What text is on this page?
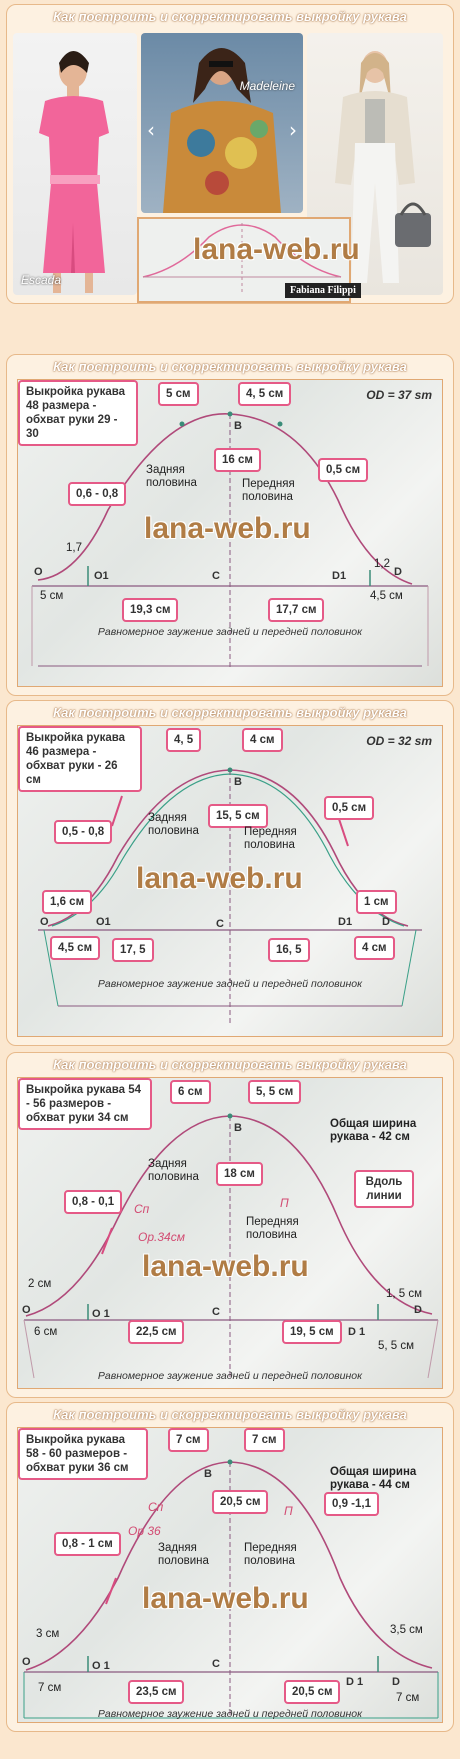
Как построить и скорректировать выкройку рукава
Escada
‹	›
Madeleine
lana-web.ru
Fabiana Filippi
Как построить и скорректировать выкройку рукава
Выкройка рукава 48 размера - обхват руки 29 - 30
OD = 37 sm
5 см	4, 5 см
B
16 см
0,6 - 0,8
0,5 см
Задняя половина	Передняя половина
lana-web.ru
1,7
1,2
O	O1	C	D1	D
5 см	4,5 см
19,3 см	17,7 см
Равномерное заужение задней и передней половинок
Как построить и скорректировать выкройку рукава
Выкройка рукава 46 размера - обхват руки - 26 см
OD = 32 sm
4, 5	4 см
B
15, 5 см
0,5 - 0,8
0,5 см
Задняя половина	Передняя половина
lana-web.ru
1,6 см	1 см
O	O1	C	D1	D
4,5 см	4 см
17, 5	16, 5
Равномерное заужение задней и передней половинок
Как построить и скорректировать выкройку рукава
Выкройка рукава 54 - 56 размеров - обхват руки 34 см	Общая ширина рукава - 42 см
Вдоль линии
6 см	5, 5 см
B
18 см
0,8 - 0,1
Задняя половина
Передняя половина
Сп	П
Op.34см
lana-web.ru
2 см
1, 5 см
O	O 1	C
D 1
D
6 см
5, 5 см
22,5 см	19, 5 см
Равномерное заужение задней и передней половинок
Как построить и скорректировать выкройку рукава
Выкройка рукава 58 - 60 размеров - обхват руки 36 см	Общая ширина рукава - 44 см
7 см	7 см
B
20,5 см
0,8 - 1 см
0,9 -1,1
Задняя половина
Передняя половина
Сп	П
Op 36
lana-web.ru
3 см	3,5 см
O	O 1	C
D 1	D
7 см
7 см
23,5 см	20,5 см
Равномерное заужение задней и передней половинок
